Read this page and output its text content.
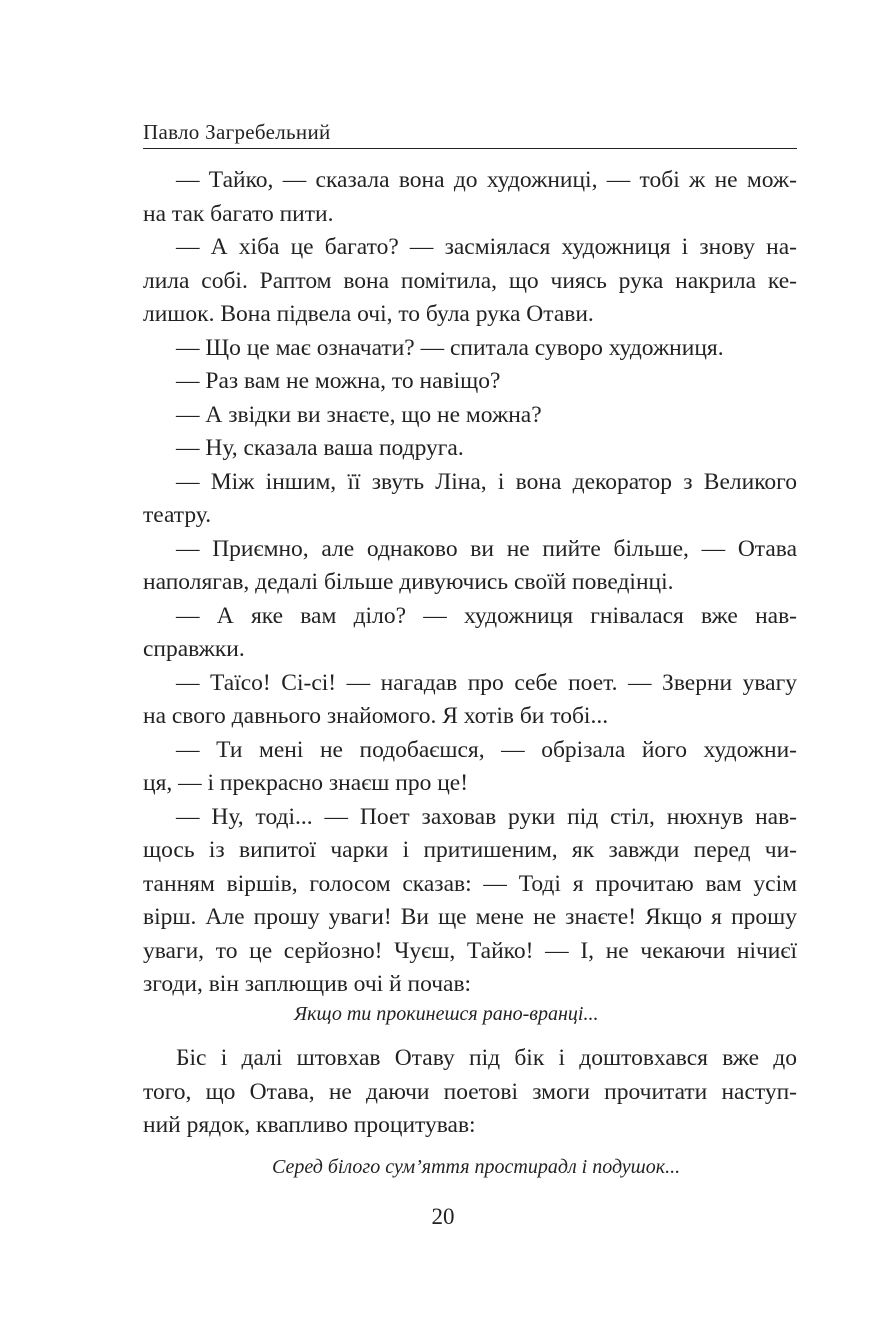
Павло Загребельний
— Тайко, — сказала вона до художниці, — тобі ж не мож-
на так багато пити.
— А хіба це багато? — засміялася художниця і знову на-
лила собі. Раптом вона помітила, що чиясь рука накрила ке-
лишок. Вона підвела очі, то була рука Отави.
— Що це має означати? — спитала суворо художниця.
— Раз вам не можна, то навіщо?
— А звідки ви знаєте, що не можна?
— Ну, сказала ваша подруга.
— Між іншим, її звуть Ліна, і вона декоратор з Великого
театру.
— Приємно, але однаково ви не пийте більше, — Отава
наполягав, дедалі більше дивуючись своїй поведінці.
— А яке вам діло? — художниця гнівалася вже нав-
справжки.
— Таїсо! Сі-сі! — нагадав про себе поет. — Зверни увагу
на свого давнього знайомого. Я хотів би тобі...
— Ти мені не подобаєшся, — обрізала його художни-
ця, — і прекрасно знаєш про це!
— Ну, тоді... — Поет заховав руки під стіл, нюхнув нав-
щось із випитої чарки і притишеним, як завжди перед чи-
танням віршів, голосом сказав: — Тоді я прочитаю вам усім
вірш. Але прошу уваги! Ви ще мене не знаєте! Якщо я прошу
уваги, то це серйозно! Чуєш, Тайко! — І, не чекаючи нічиєї
згоди, він заплющив очі й почав:
Якщо ти прокинешся рано-вранці...
Біс і далі штовхав Отаву під бік і доштовхався вже до
того, що Отава, не даючи поетові змоги прочитати наступ-
ний рядок, квапливо процитував:
Серед білого сум’яття простирадл і подушок...
20
